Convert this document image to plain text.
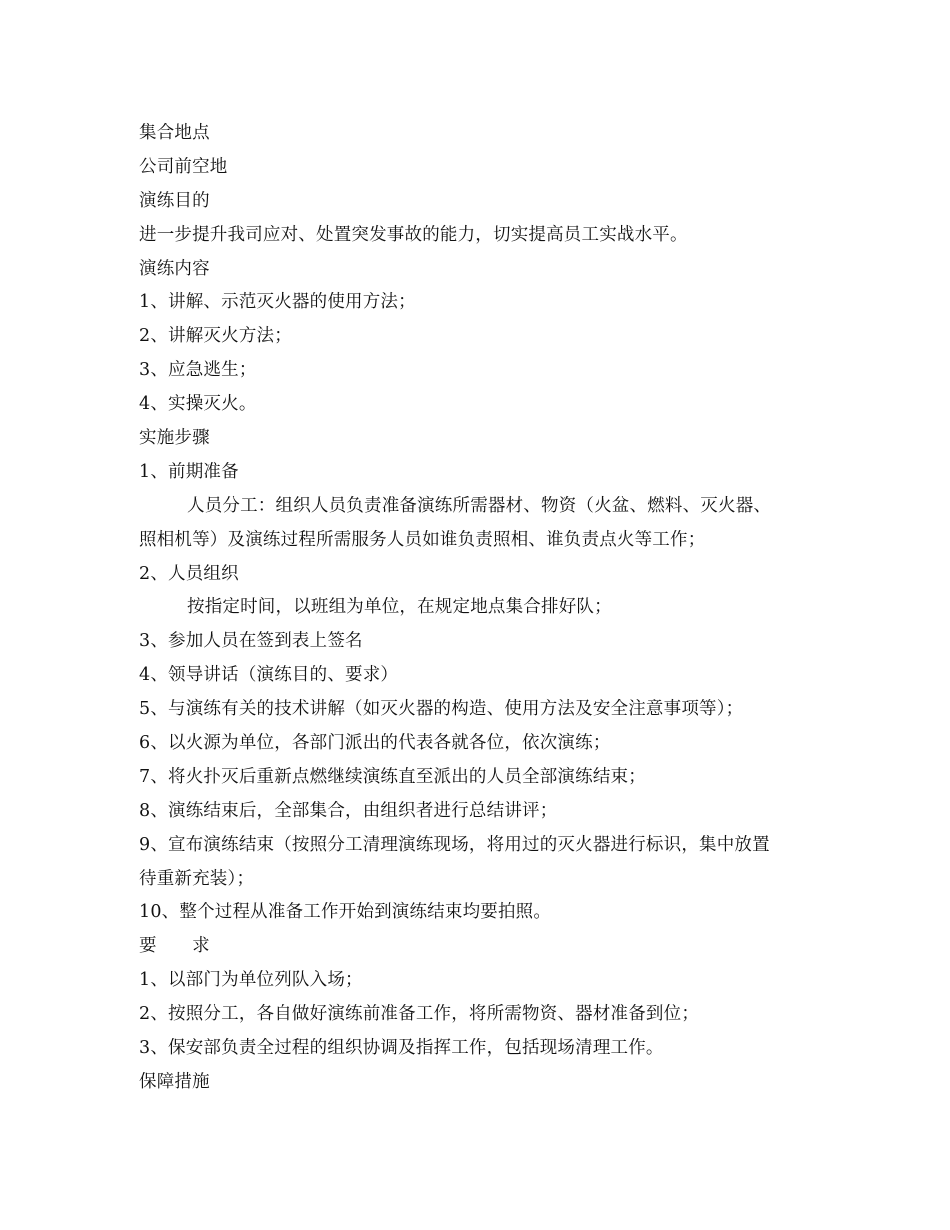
集合地点
公司前空地
演练目的
进一步提升我司应对、处置突发事故的能力，切实提高员工实战水平。
演练内容
1、讲解、示范灭火器的使用方法；
2、讲解灭火方法；
3、应急逃生；
4、实操灭火。
实施步骤
1、前期准备
人员分工：组织人员负责准备演练所需器材、物资（火盆、燃料、灭火器、
照相机等）及演练过程所需服务人员如谁负责照相、谁负责点火等工作；
2、人员组织
按指定时间，以班组为单位，在规定地点集合排好队；
3、参加人员在签到表上签名
4、领导讲话（演练目的、要求）
5、与演练有关的技术讲解（如灭火器的构造、使用方法及安全注意事项等）；
6、以火源为单位，各部门派出的代表各就各位，依次演练；
7、将火扑灭后重新点燃继续演练直至派出的人员全部演练结束；
8、演练结束后，全部集合，由组织者进行总结讲评；
9、宣布演练结束（按照分工清理演练现场，将用过的灭火器进行标识，集中放置
待重新充装）；
10、整个过程从准备工作开始到演练结束均要拍照。
要　　求
1、以部门为单位列队入场；
2、按照分工，各自做好演练前准备工作，将所需物资、器材准备到位；
3、保安部负责全过程的组织协调及指挥工作，包括现场清理工作。
保障措施
